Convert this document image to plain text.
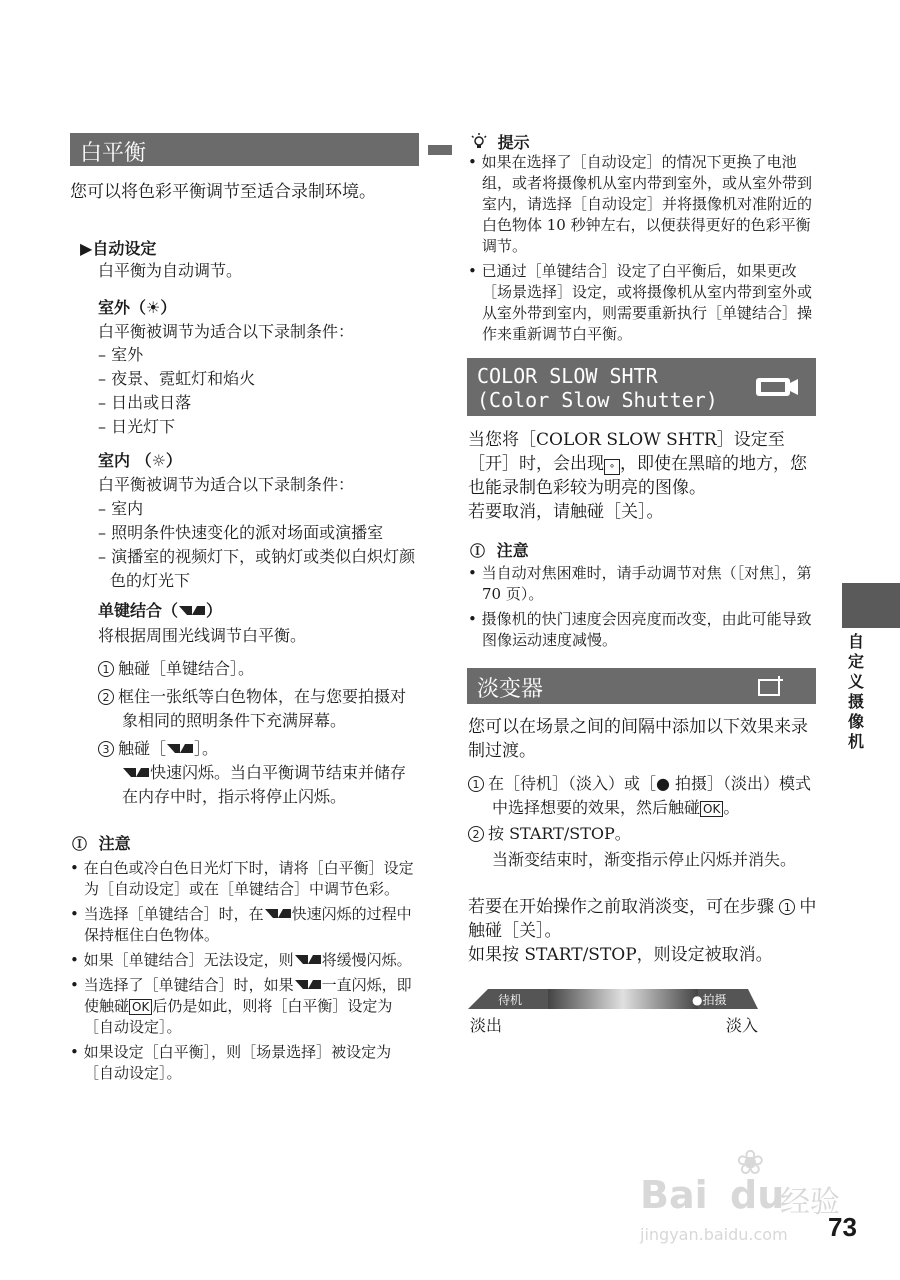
白平衡
您可以将色彩平衡调节至适合录制环境。
▶自动设定
白平衡为自动调节。
室外（☀）
白平衡被调节为适合以下录制条件：
– 室外
– 夜景、霓虹灯和焰火
– 日出或日落
– 日光灯下
室内 （☼）
白平衡被调节为适合以下录制条件：
– 室内
– 照明条件快速变化的派对场面或演播室
– 演播室的视频灯下，或钠灯或类似白炽灯颜色的灯光下
单键结合（ ）
将根据周围光线调节白平衡。
1 触碰［单键结合］。
2 框住一张纸等白色物体，在与您要拍摄对象相同的照明条件下充满屏幕。
3 触碰［ ］。
快速闪烁。当白平衡调节结束并储存在内存中时，指示将停止闪烁。
Ⓘ 注意
• 在白色或冷白色日光灯下时，请将［白平衡］设定为［自动设定］或在［单键结合］中调节色彩。
• 当选择［单键结合］时，在 快速闪烁的过程中保持框住白色物体。
• 如果［单键结合］无法设定，则 将缓慢闪烁。
• 当选择了［单键结合］时，如果 一直闪烁，即使触碰 OK 后仍是如此，则将［白平衡］设定为［自动设定］。
• 如果设定［白平衡］，则［场景选择］被设定为［自动设定］。
提示
• 如果在选择了［自动设定］的情况下更换了电池组，或者将摄像机从室内带到室外，或从室外带到室内，请选择［自动设定］并将摄像机对准附近的白色物体 10 秒钟左右，以便获得更好的色彩平衡调节。
• 已通过［单键结合］设定了白平衡后，如果更改［场景选择］设定，或将摄像机从室内带到室外或从室外带到室内，则需要重新执行［单键结合］操作来重新调节白平衡。
COLOR SLOW SHTR
(Color Slow Shutter)
当您将［COLOR SLOW SHTR］设定至［开］时，会出现 ∘ ，即使在黑暗的地方，您也能录制色彩较为明亮的图像。
若要取消，请触碰［关］。
Ⓘ 注意
• 当自动对焦困难时，请手动调节对焦（［对焦］，第 70 页）。
• 摄像机的快门速度会因亮度而改变，由此可能导致图像运动速度减慢。
淡变器
您可以在场景之间的间隔中添加以下效果来录制过渡。
1 在［待机］（淡入）或［● 拍摄］（淡出）模式中选择想要的效果，然后触碰 OK 。
2 按 START/STOP。
当渐变结束时，渐变指示停止闪烁并消失。
若要在开始操作之前取消淡变，可在步骤 1 中触碰［关］。
如果按 START/STOP，则设定被取消。
待机	●拍摄
淡出	淡入
自定义摄像机
❀
Bai du
经验
jingyan.baidu.com 73
